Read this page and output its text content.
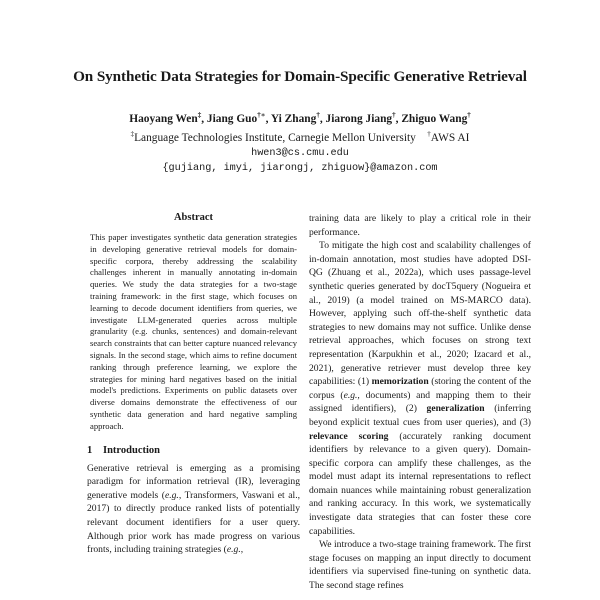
On Synthetic Data Strategies for Domain-Specific Generative Retrieval
Haoyang Wen‡, Jiang Guo†∗, Yi Zhang†, Jiarong Jiang†, Zhiguo Wang†
‡Language Technologies Institute, Carnegie Mellon University †AWS AI
hwen3@cs.cmu.edu
{gujiang, imyi, jiarongj, zhiguow}@amazon.com
Abstract

This paper investigates synthetic data generation strategies in developing generative retrieval models for domain-specific corpora, thereby addressing the scalability challenges inherent in manually annotating in-domain queries. We study the data strategies for a two-stage training framework: in the first stage, which focuses on learning to decode document identifiers from queries, we investigate LLM-generated queries across multiple granularity (e.g. chunks, sentences) and domain-relevant search constraints that can better capture nuanced relevancy signals. In the second stage, which aims to refine document ranking through preference learning, we explore the strategies for mining hard negatives based on the initial model's predictions. Experiments on public datasets over diverse domains demonstrate the effectiveness of our synthetic data generation and hard negative sampling approach.

1 Introduction

Generative retrieval is emerging as a promising paradigm for information retrieval (IR), leveraging generative models (e.g., Transformers, Vaswani et al., 2017) to directly produce ranked lists of potentially relevant document identifiers for a user query. Although prior work has made progress on various fronts, including training strategies (e.g.,

training data are likely to play a critical role in their performance.

To mitigate the high cost and scalability challenges of in-domain annotation, most studies have adopted DSI-QG (Zhuang et al., 2022a), which uses passage-level synthetic queries generated by docT5query (Nogueira et al., 2019) (a model trained on MS-MARCO data). However, applying such off-the-shelf synthetic data strategies to new domains may not suffice. Unlike dense retrieval approaches, which focuses on strong text representation (Karpukhin et al., 2020; Izacard et al., 2021), generative retriever must develop three key capabilities: (1) memorization (storing the content of the corpus (e.g., documents) and mapping them to their assigned identifiers), (2) generalization (inferring beyond explicit textual cues from user queries), and (3) relevance scoring (accurately ranking document identifiers by relevance to a given query). Domain-specific corpora can amplify these challenges, as the model must adapt its internal representations to reflect domain nuances while maintaining robust generalization and ranking accuracy. In this work, we systematically investigate data strategies that can foster these core capabilities.

We introduce a two-stage training framework. The first stage focuses on mapping an input directly to document identifiers via supervised fine-tuning on synthetic data. The second stage refines
